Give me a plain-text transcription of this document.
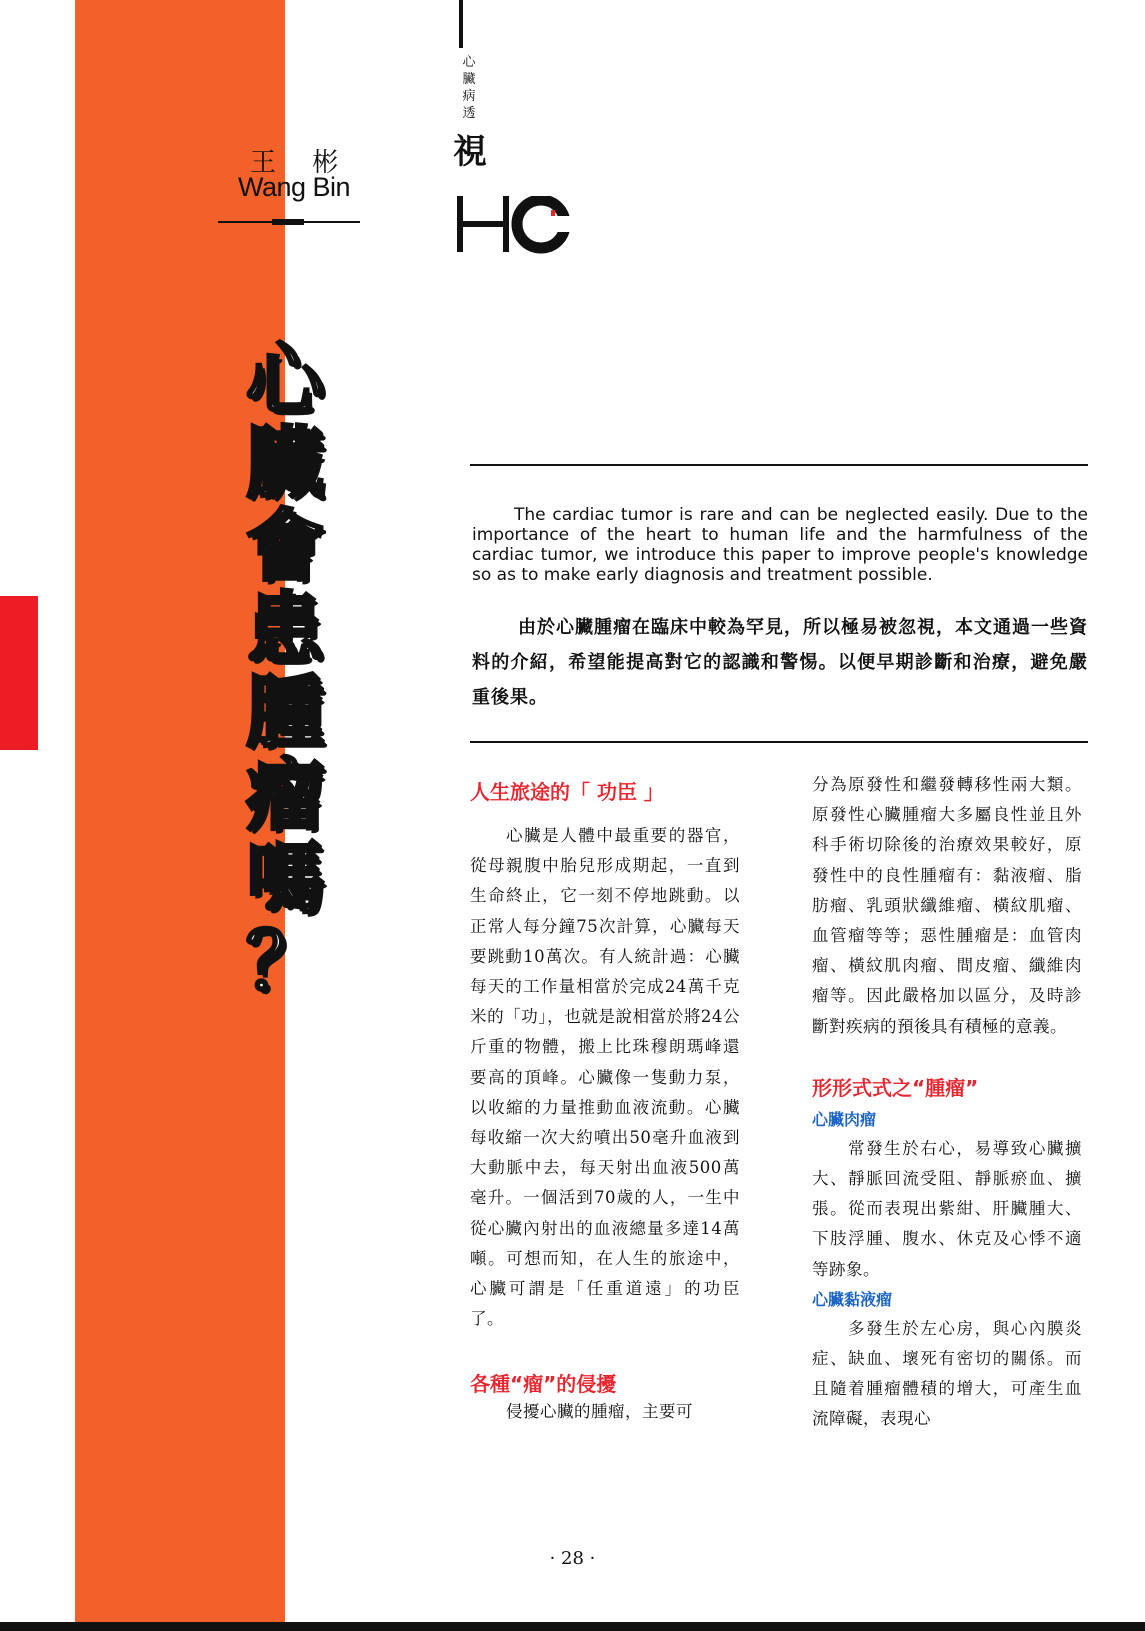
王 彬
Wang Bin
心臟病透
視
心
臟
會
患
腫
瘤
嗎
？

The cardiac tumor is rare and can be neglected easily. Due to the importance of the heart to human life and the harmfulness of the cardiac tumor, we introduce this paper to improve people's knowledge so as to make early diagnosis and treatment possible.

由於心臟腫瘤在臨床中較為罕見，所以極易被忽視，本文通過一些資料的介紹，希望能提高對它的認識和警惕。以便早期診斷和治療，避免嚴重後果。

人生旅途的「 功臣 」

心臟是人體中最重要的器官，從母親腹中胎兒形成期起，一直到生命終止，它一刻不停地跳動。以正常人每分鐘75次計算，心臟每天要跳動10萬次。有人統計過：心臟每天的工作量相當於完成24萬千克米的「功」，也就是說相當於將24公斤重的物體，搬上比珠穆朗瑪峰還要高的頂峰。心臟像一隻動力泵，以收縮的力量推動血液流動。心臟每收縮一次大約噴出50毫升血液到大動脈中去，每天射出血液500萬毫升。一個活到70歲的人，一生中從心臟內射出的血液總量多達14萬噸。可想而知，在人生的旅途中，心臟可謂是「任重道遠」的功臣了。

各種“瘤”的侵擾

侵擾心臟的腫瘤，主要可

分為原發性和繼發轉移性兩大類。原發性心臟腫瘤大多屬良性並且外科手術切除後的治療效果較好，原發性中的良性腫瘤有：黏液瘤、脂肪瘤、乳頭狀纖維瘤、橫紋肌瘤、血管瘤等等；惡性腫瘤是：血管肉瘤、橫紋肌肉瘤、間皮瘤、纖維肉瘤等。因此嚴格加以區分，及時診斷對疾病的預後具有積極的意義。

形形式式之“腫瘤”
心臟肉瘤

常發生於右心，易導致心臟擴大、靜脈回流受阻、靜脈瘀血、擴張。從而表現出紫紺、肝臟腫大、下肢浮腫、腹水、休克及心悸不適等跡象。

心臟黏液瘤

多發生於左心房，與心內膜炎症、缺血、壞死有密切的關係。而且隨着腫瘤體積的增大，可產生血流障礙，表現心

· 28 ·
